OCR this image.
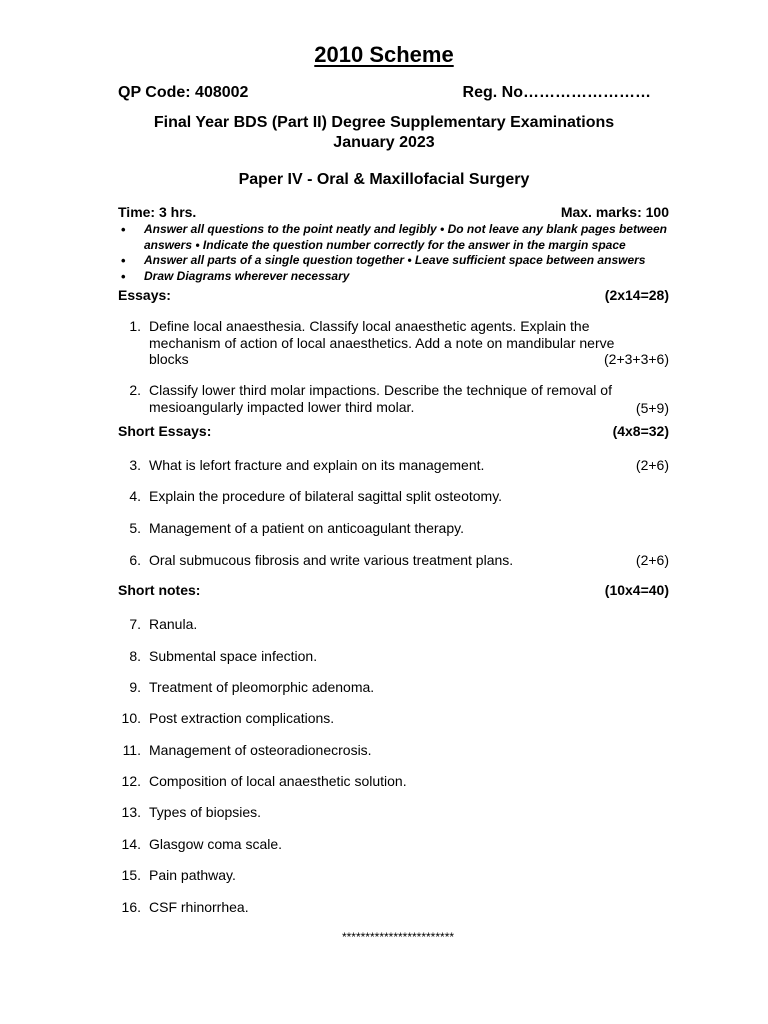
2010 Scheme
QP Code: 408002	Reg. No……………………
Final Year BDS (Part II) Degree Supplementary Examinations
January 2023
Paper IV - Oral & Maxillofacial Surgery
Time: 3 hrs.	Max. marks: 100
• Answer all questions to the point neatly and legibly • Do not leave any blank pages between answers • Indicate the question number correctly for the answer in the margin space
• Answer all parts of a single question together • Leave sufficient space between answers
• Draw Diagrams wherever necessary
Essays:	(2x14=28)
1. Define local anaesthesia. Classify local anaesthetic agents. Explain the mechanism of action of local anaesthetics. Add a note on mandibular nerve blocks	(2+3+3+6)
2. Classify lower third molar impactions. Describe the technique of removal of mesioangularly impacted lower third molar.	(5+9)
Short Essays:	(4x8=32)
3. What is lefort fracture and explain on its management.	(2+6)
4. Explain the procedure of bilateral sagittal split osteotomy.
5. Management of a patient on anticoagulant therapy.
6. Oral submucous fibrosis and write various treatment plans.	(2+6)
Short notes:	(10x4=40)
7. Ranula.
8. Submental space infection.
9. Treatment of pleomorphic adenoma.
10. Post extraction complications.
11. Management of osteoradionecrosis.
12. Composition of local anaesthetic solution.
13. Types of biopsies.
14. Glasgow coma scale.
15. Pain pathway.
16. CSF rhinorrhea.
************************
